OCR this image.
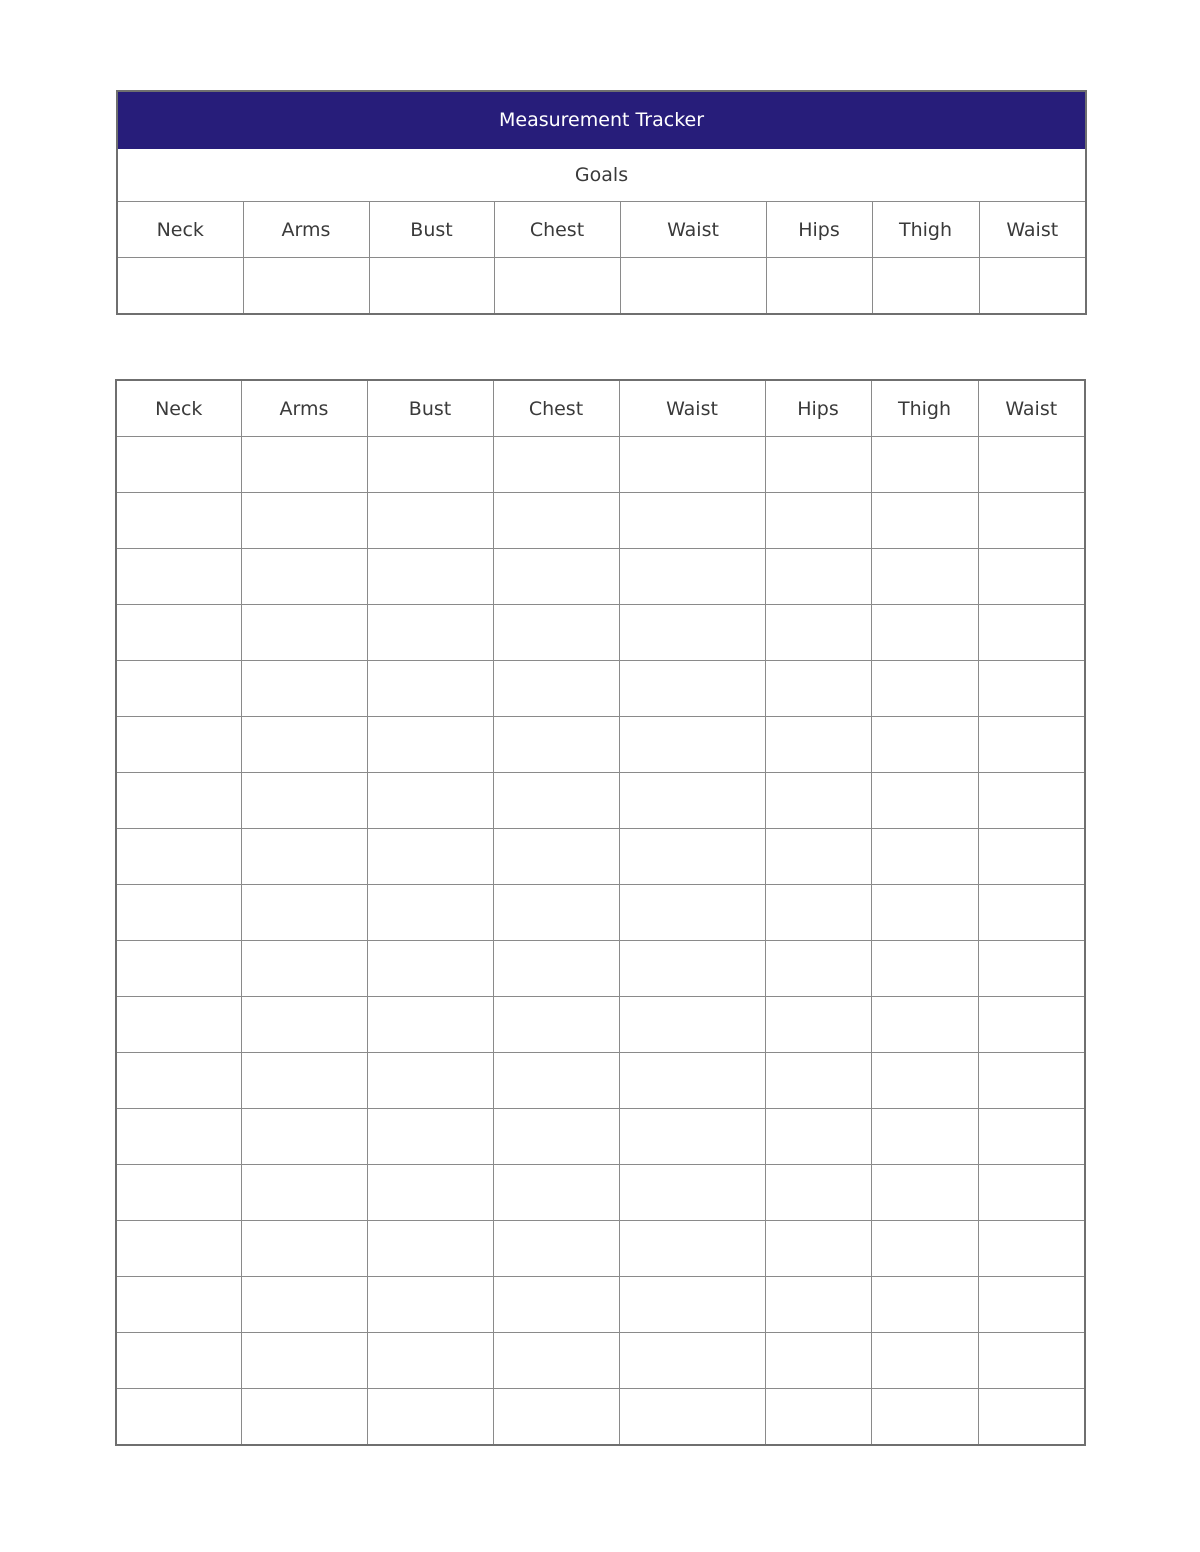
Measurement Tracker							
Goals							
Neck	Arms	Bust	Chest	Waist	Hips	Thigh	Waist

Neck	Arms	Bust	Chest	Waist	Hips	Thigh	Waist
